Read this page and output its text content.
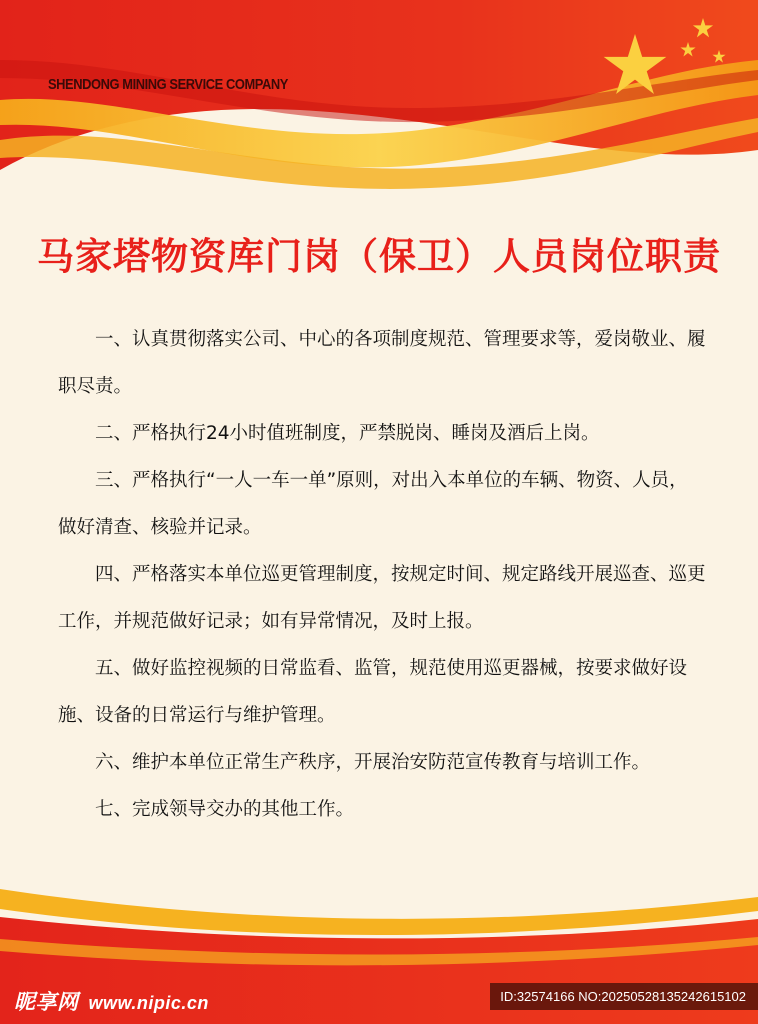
SHENDONG MINING SERVICE COMPANY
马家塔物资库门岗（保卫）人员岗位职责

一、认真贯彻落实公司、中心的各项制度规范、管理要求等，爱岗敬业、履职尽责。

二、严格执行24小时值班制度，严禁脱岗、睡岗及酒后上岗。

三、严格执行“一人一车一单”原则，对出入本单位的车辆、物资、人员，做好清查、核验并记录。

四、严格落实本单位巡更管理制度，按规定时间、规定路线开展巡查、巡更工作，并规范做好记录；如有异常情况，及时上报。

五、做好监控视频的日常监看、监管，规范使用巡更器械，按要求做好设施、设备的日常运行与维护管理。

六、维护本单位正常生产秩序，开展治安防范宣传教育与培训工作。

七、完成领导交办的其他工作。

昵享网 www.nipic.cn	ID:32574166 NO:20250528135242615102
